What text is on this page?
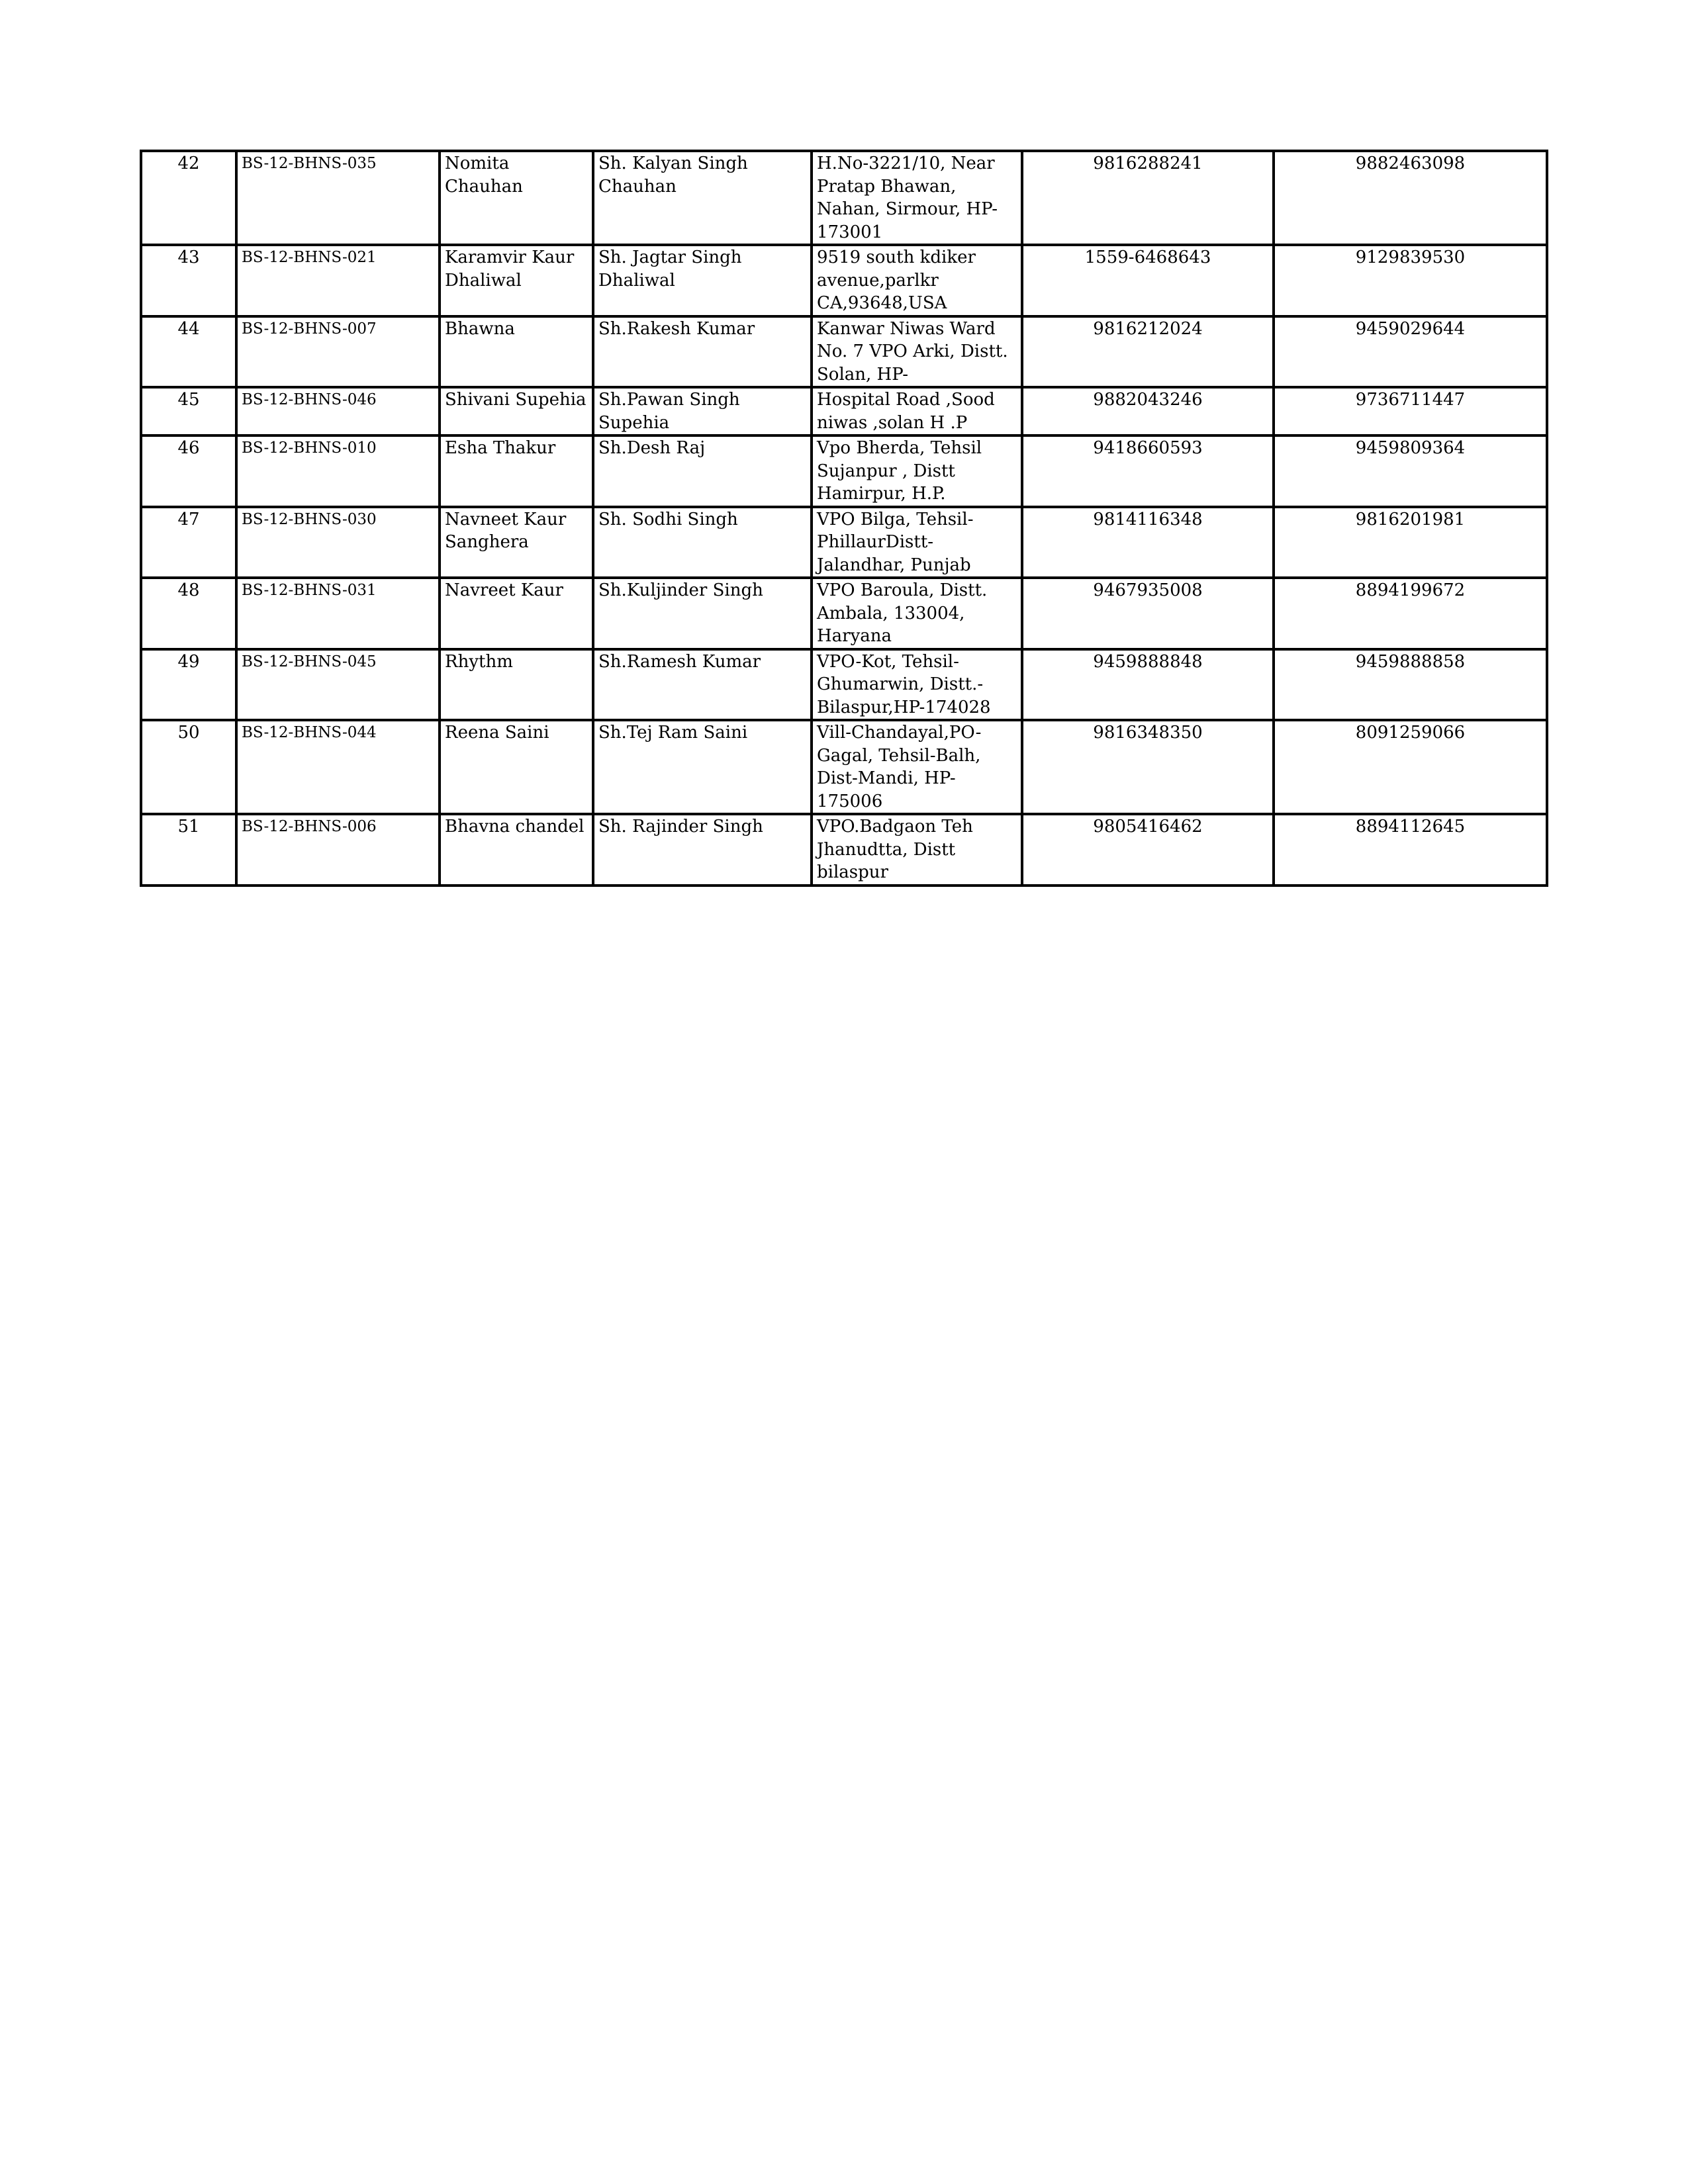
42	BS-12-BHNS-035	Nomita Chauhan	Sh. Kalyan Singh Chauhan	H.No-3221/10, Near Pratap Bhawan, Nahan, Sirmour, HP-173001	9816288241	9882463098
43	BS-12-BHNS-021	Karamvir Kaur Dhaliwal	Sh. Jagtar Singh Dhaliwal	9519 south kdiker avenue,parlkr CA,93648,USA	1559-6468643	9129839530
44	BS-12-BHNS-007	Bhawna	Sh.Rakesh Kumar	Kanwar Niwas Ward No. 7 VPO Arki, Distt. Solan, HP-	9816212024	9459029644
45	BS-12-BHNS-046	Shivani Supehia	Sh.Pawan Singh Supehia	Hospital Road ,Sood niwas ,solan H .P	9882043246	9736711447
46	BS-12-BHNS-010	Esha Thakur	Sh.Desh Raj	Vpo Bherda, Tehsil Sujanpur , Distt Hamirpur, H.P.	9418660593	9459809364
47	BS-12-BHNS-030	Navneet Kaur Sanghera	Sh. Sodhi Singh	VPO Bilga, Tehsil-PhillaurDistt- Jalandhar, Punjab	9814116348	9816201981
48	BS-12-BHNS-031	Navreet Kaur	Sh.Kuljinder Singh	VPO Baroula, Distt. Ambala, 133004, Haryana	9467935008	8894199672
49	BS-12-BHNS-045	Rhythm	Sh.Ramesh Kumar	VPO-Kot, Tehsil-Ghumarwin, Distt.-Bilaspur,HP-174028	9459888848	9459888858
50	BS-12-BHNS-044	Reena Saini	Sh.Tej Ram Saini	Vill-Chandayal,PO-Gagal, Tehsil-Balh, Dist-Mandi, HP-175006	9816348350	8091259066
51	BS-12-BHNS-006	Bhavna chandel	Sh. Rajinder Singh	VPO.Badgaon Teh Jhanudtta, Distt bilaspur	9805416462	8894112645
